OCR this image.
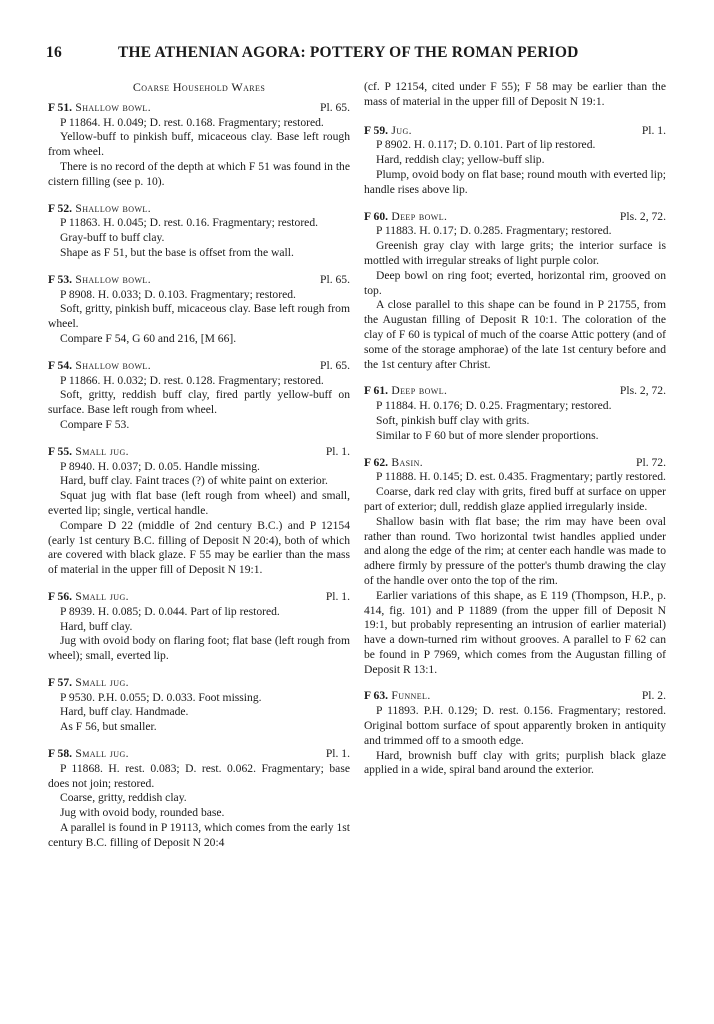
16	THE ATHENIAN AGORA: POTTERY OF THE ROMAN PERIOD
Coarse Household Wares
F 51. Shallow bowl.	Pl. 65.

P 11864. H. 0.049; D. rest. 0.168. Fragmentary; restored.

Yellow-buff to pinkish buff, micaceous clay. Base left rough from wheel.

There is no record of the depth at which F 51 was found in the cistern filling (see p. 10).

F 52. Shallow bowl.

P 11863. H. 0.045; D. rest. 0.16. Fragmentary; restored.

Gray-buff to buff clay.

Shape as F 51, but the base is offset from the wall.

F 53. Shallow bowl.	Pl. 65.

P 8908. H. 0.033; D. 0.103. Fragmentary; restored.

Soft, gritty, pinkish buff, micaceous clay. Base left rough from wheel.

Compare F 54, G 60 and 216, [M 66].

F 54. Shallow bowl.	Pl. 65.

P 11866. H. 0.032; D. rest. 0.128. Fragmentary; restored.

Soft, gritty, reddish buff clay, fired partly yellow-buff on surface. Base left rough from wheel.

Compare F 53.

F 55. Small jug.	Pl. 1.

P 8940. H. 0.037; D. 0.05. Handle missing.

Hard, buff clay. Faint traces (?) of white paint on exterior.

Squat jug with flat base (left rough from wheel) and small, everted lip; single, vertical handle.

Compare D 22 (middle of 2nd century B.C.) and P 12154 (early 1st century B.C. filling of Deposit N 20:4), both of which are covered with black glaze. F 55 may be earlier than the mass of material in the upper fill of Deposit N 19:1.

F 56. Small jug.	Pl. 1.

P 8939. H. 0.085; D. 0.044. Part of lip restored.

Hard, buff clay.

Jug with ovoid body on flaring foot; flat base (left rough from wheel); small, everted lip.

F 57. Small jug.

P 9530. P.H. 0.055; D. 0.033. Foot missing.

Hard, buff clay. Handmade.

As F 56, but smaller.

F 58. Small jug.	Pl. 1.

P 11868. H. rest. 0.083; D. rest. 0.062. Fragmentary; base does not join; restored.

Coarse, gritty, reddish clay.

Jug with ovoid body, rounded base.

A parallel is found in P 19113, which comes from the early 1st century B.C. filling of Deposit N 20:4

(cf. P 12154, cited under F 55); F 58 may be earlier than the mass of material in the upper fill of Deposit N 19:1.

F 59. Jug.	Pl. 1.

P 8902. H. 0.117; D. 0.101. Part of lip restored.

Hard, reddish clay; yellow-buff slip.

Plump, ovoid body on flat base; round mouth with everted lip; handle rises above lip.

F 60. Deep bowl.	Pls. 2, 72.

P 11883. H. 0.17; D. 0.285. Fragmentary; restored.

Greenish gray clay with large grits; the interior surface is mottled with irregular streaks of light purple color.

Deep bowl on ring foot; everted, horizontal rim, grooved on top.

A close parallel to this shape can be found in P 21755, from the Augustan filling of Deposit R 10:1. The coloration of the clay of F 60 is typical of much of the coarse Attic pottery (and of some of the storage amphorae) of the late 1st century before and the 1st century after Christ.

F 61. Deep bowl.	Pls. 2, 72.

P 11884. H. 0.176; D. 0.25. Fragmentary; restored.

Soft, pinkish buff clay with grits.

Similar to F 60 but of more slender proportions.

F 62. Basin.	Pl. 72.

P 11888. H. 0.145; D. est. 0.435. Fragmentary; partly restored.

Coarse, dark red clay with grits, fired buff at surface on upper part of exterior; dull, reddish glaze applied irregularly inside.

Shallow basin with flat base; the rim may have been oval rather than round. Two horizontal twist handles applied under and along the edge of the rim; at center each handle was made to adhere firmly by pressure of the potter's thumb drawing the clay of the handle over onto the top of the rim.

Earlier variations of this shape, as E 119 (Thompson, H.P., p. 414, fig. 101) and P 11889 (from the upper fill of Deposit N 19:1, but probably representing an intrusion of earlier material) have a down-turned rim without grooves. A parallel to F 62 can be found in P 7969, which comes from the Augustan filling of Deposit R 13:1.

F 63. Funnel.	Pl. 2.

P 11893. P.H. 0.129; D. rest. 0.156. Fragmentary; restored. Original bottom surface of spout apparently broken in antiquity and trimmed off to a smooth edge.

Hard, brownish buff clay with grits; purplish black glaze applied in a wide, spiral band around the exterior.
